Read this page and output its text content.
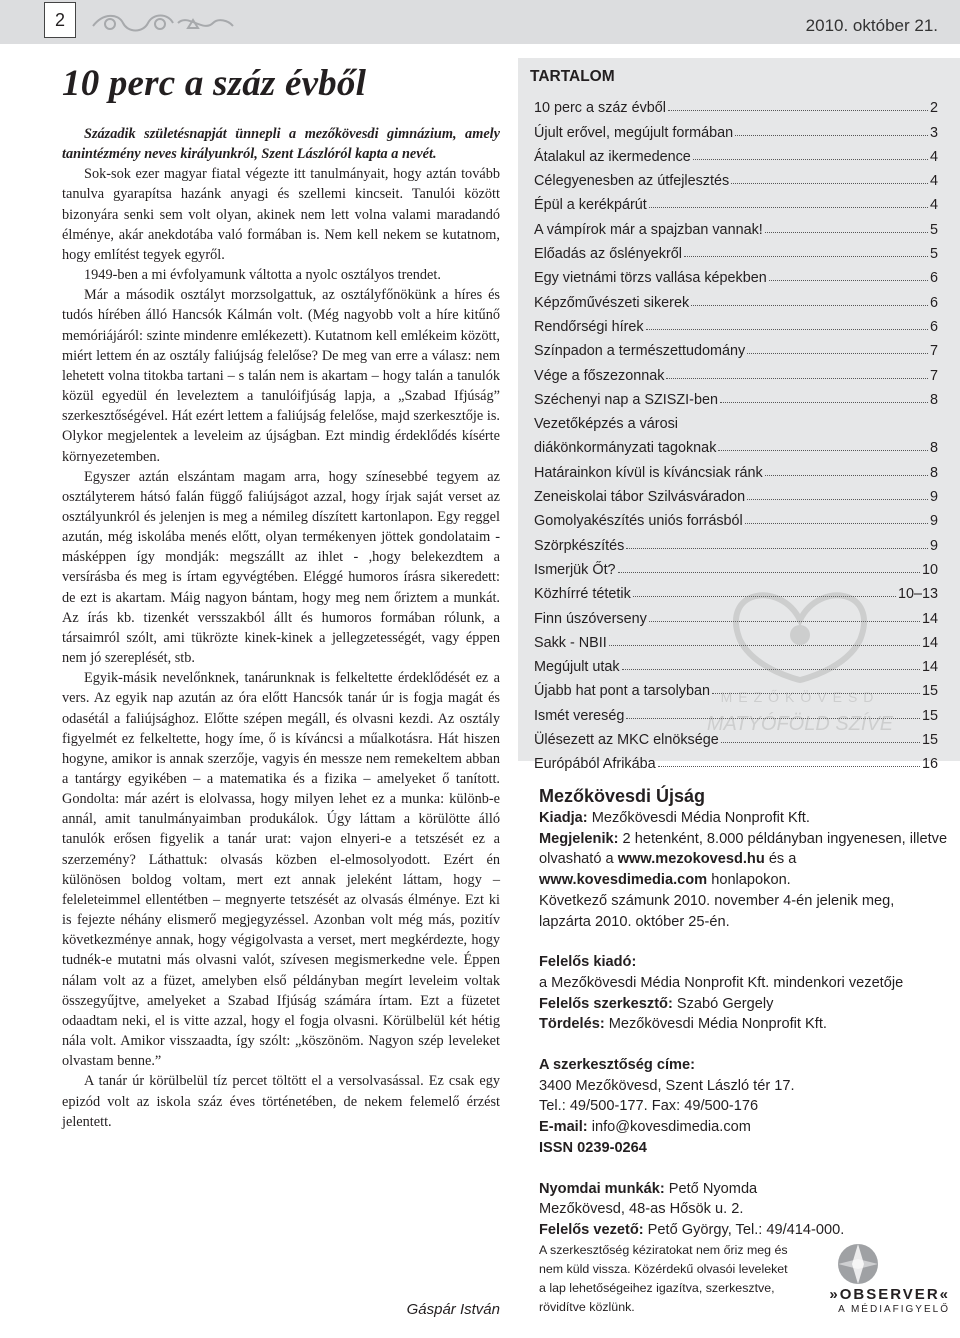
2	2010. október 21.
10 perc a száz évből

Századik születésnapját ünnepli a mezőkövesdi gimnázium, amely tanintézmény neves királyunkról, Szent Lászlóról kapta a nevét.

Sok-sok ezer magyar fiatal végezte itt tanulmányait, hogy aztán tovább tanulva gyarapítsa hazánk anyagi és szellemi kincseit. Tanulói között bizonyára senki sem volt olyan, akinek nem lett volna valami maradandó élménye, akár anekdotába való formában is. Nem kell nekem se kutatnom, hogy említést tegyek egyről.

1949-ben a mi évfolyamunk váltotta a nyolc osztályos trendet.

Már a második osztályt morzsolgattuk, az osztályfőnökünk a híres és tudós hírében álló Hancsók Kálmán volt. (Még nagyobb volt a híre kitűnő memóriájáról: szinte mindenre emlékezett). Kutatnom kell emlékeim között, miért lettem én az osztály faliújság felelőse? De meg van erre a válasz: nem lehetett volna titokba tartani – s talán nem is akartam – hogy talán a tanulók közül egyedül én leveleztem a tanulóifjúság lapja, a „Szabad Ifjúság” szerkesztőségével. Hát ezért lettem a faliújság felelőse, majd szerkesztője is. Olykor megjelentek a leveleim az újságban. Ezt mindig érdeklődés kísérte környezetemben.

Egyszer aztán elszántam magam arra, hogy színesebbé tegyem az osztályterem hátsó falán függő faliújságot azzal, hogy írjak saját verset az osztályunkról és jelenjen is meg a némileg díszített kartonlapon. Egy reggel azután, még iskolába menés előtt, olyan termékenyen jöttek gondolataim - másképpen így mondják: megszállt az ihlet - ,hogy belekezdtem a versírásba és meg is írtam egyvégtében. Eléggé humoros írásra sikeredett: de ezt is akartam. Máig nagyon bántam, hogy meg nem őriztem a munkát. Az írás kb. tizenkét versszakból állt és humoros formában rólunk, a társaimról szólt, ami tükrözte kinek-kinek a jellegzetességét, vagy éppen nem jó szereplését, stb.

Egyik-másik nevelőnknek, tanárunknak is felkeltette érdeklődését ez a vers. Az egyik nap azután az óra előtt Hancsók tanár úr is fogja magát és odasétál a faliújsághoz. Előtte szépen megáll, és olvasni kezdi. Az osztály figyelmét ez felkeltette, hogy íme, ő is kíváncsi a műalkotásra. Hát hiszen hogyne, amikor is annak szerzője, vagyis én messze nem remekeltem abban a tantárgy egyikében – a matematika és a fizika – amelyeket ő tanított. Gondolta: már azért is elolvassa, hogy milyen lehet ez a munka: különb-e annál, amit tanulmányaimban produkálok. Úgy láttam a körülötte álló tanulók erősen figyelik a tanár urat: vajon elnyeri-e a tetszését ez a szerzemény? Láthattuk: olvasás közben el-elmosolyodott. Ezért én különösen boldog voltam, mert ezt annak jeleként láttam, hogy – feleleteimmel ellentétben – megnyerte tetszését az olvasás élménye. Ezt ki is fejezte néhány elismerő megjegyzéssel. Azonban volt még más, pozitív következménye annak, hogy végigolvasta a verset, mert megkérdezte, hogy tudnék-e mutatni más olvasni valót, szívesen megismerkedne vele. Éppen nálam volt az a füzet, amelyben első példányban megírt leveleim voltak összegyűjtve, amelyeket a Szabad Ifjúság számára írtam. Ezt a füzetet odaadtam neki, el is vitte azzal, hogy el fogja olvasni. Körülbelül két hétig nála volt. Amikor visszaadta, így szólt: „köszönöm. Nagyon szép leveleket olvastam benne.”

A tanár úr körülbelül tíz percet töltött el a versolvasással. Ez csak egy epizód volt az iskola száz éves történetében, de nekem felemelő érzést jelentett.

Gáspár István
TARTALOM
10 perc a száz évből	2
Újult erővel, megújult formában	3
Átalakul az ikermedence	4
Célegyenesben az útfejlesztés	4
Épül a kerékpárút	4
A vámpírok már a spajzban vannak!	5
Előadás az őslényekről	5
Egy vietnámi törzs vallása képekben	6
Képzőművészeti sikerek	6
Rendőrségi hírek	6
Színpadon a természettudomány	7
Vége a főszezonnak	7
Széchenyi nap a SZISZI-ben	8
Vezetőképzés a városi
diákönkormányzati tagoknak	8
Határainkon kívül is kíváncsiak ránk	8
Zeneiskolai tábor Szilvásváradon	9
Gomolyakészítés uniós forrásból	9
Szörpkészítés	9
Ismerjük Őt?	10
Közhírré tétetik	10–13
Finn úszóverseny	14
Sakk - NBII	14
Megújult utak	14
Újabb hat pont a tarsolyban	15
Ismét vereség	15
Ülésezett az MKC elnöksége	15
Európából Afrikába	16
MEZŐKÖVESD
MATYÓFÖLD SZÍVE
Mezőkövesdi Újság
Kiadja: Mezőkövesdi Média Nonprofit Kft.
Megjelenik: 2 hetenként, 8.000 példányban ingyenesen, illetve olvasható a www.mezokovesd.hu és a www.kovesdimedia.com honlapokon.
Következő számunk 2010. november 4-én jelenik meg, lapzárta 2010. október 25-én.
Felelős kiadó:
a Mezőkövesdi Média Nonprofit Kft. mindenkori vezetője
Felelős szerkesztő: Szabó Gergely
Tördelés: Mezőkövesdi Média Nonprofit Kft.
A szerkesztőség címe:
3400 Mezőkövesd, Szent László tér 17.
Tel.: 49/500-177. Fax: 49/500-176
E-mail: info@kovesdimedia.com
ISSN 0239-0264
Nyomdai munkák: Pető Nyomda
Mezőkövesd, 48-as Hősök u. 2.
Felelős vezető: Pető György, Tel.: 49/414-000.
A szerkesztőség kéziratokat nem őriz meg és
nem küld vissza. Közérdekű olvasói leveleket
a lap lehetőségeihez igazítva, szerkesztve,
rövidítve közlünk.
»OBSERVER«
A MÉDIAFIGYELŐ
